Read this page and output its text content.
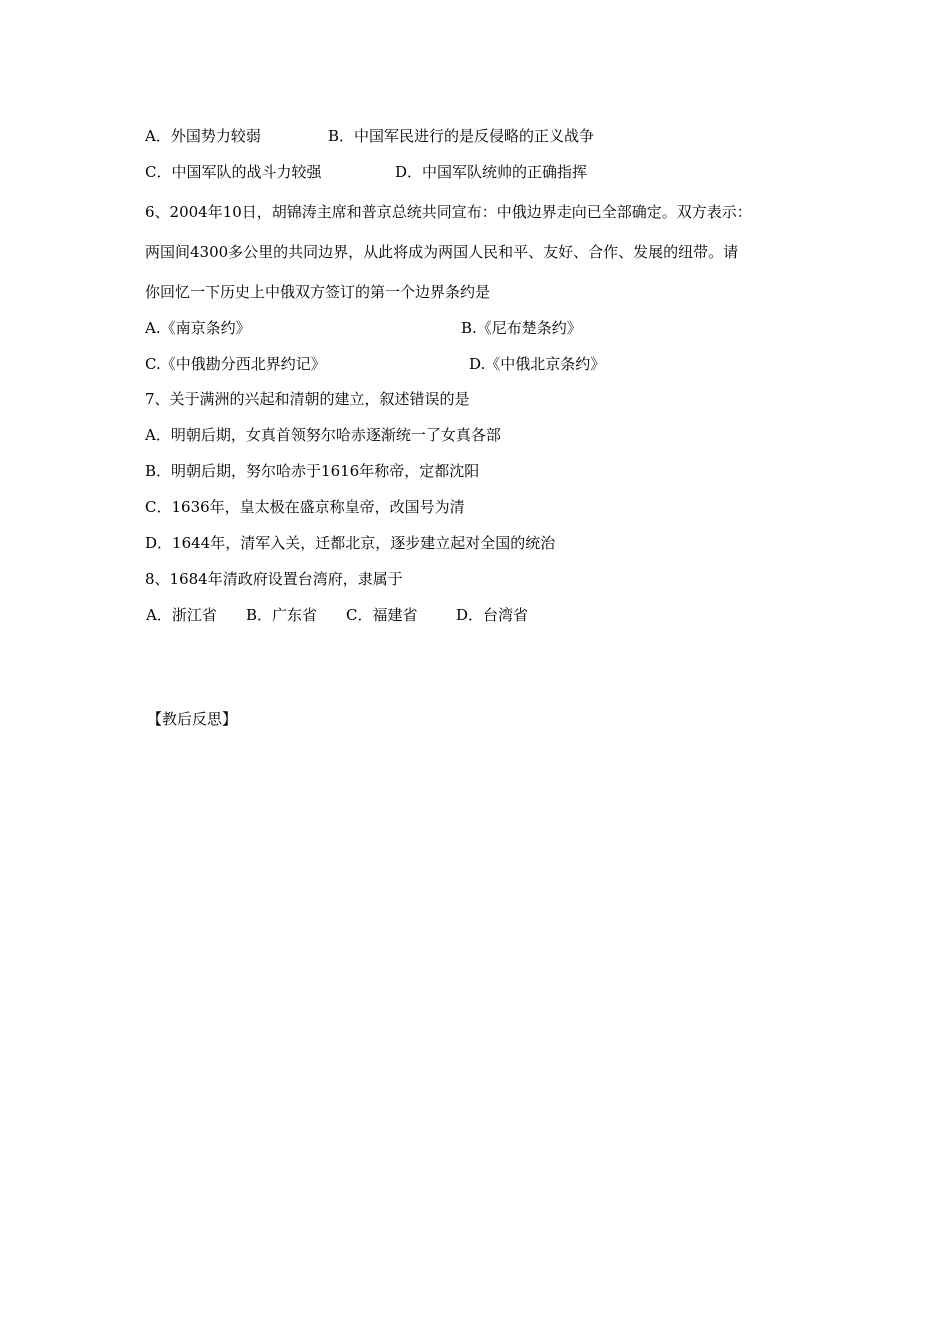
A．外国势力较弱	B．中国军民进行的是反侵略的正义战争
C．中国军队的战斗力较强	D．中国军队统帅的正确指挥
6、2004年10日，胡锦涛主席和普京总统共同宣布：中俄边界走向已全部确定。双方表示：
两国间4300多公里的共同边界，从此将成为两国人民和平、友好、合作、发展的纽带。请
你回忆一下历史上中俄双方签订的第一个边界条约是
A.《南京条约》	B.《尼布楚条约》
C.《中俄勘分西北界约记》	D.《中俄北京条约》
7、关于满洲的兴起和清朝的建立，叙述错误的是
A．明朝后期，女真首领努尔哈赤逐渐统一了女真各部
B．明朝后期，努尔哈赤于1616年称帝，定都沈阳
C．1636年，皇太极在盛京称皇帝，改国号为清
D．1644年，清军入关，迁都北京，逐步建立起对全国的统治
8、1684年清政府设置台湾府，隶属于
A．浙江省 B．广东省 C．福建省	D．台湾省
【教后反思】
